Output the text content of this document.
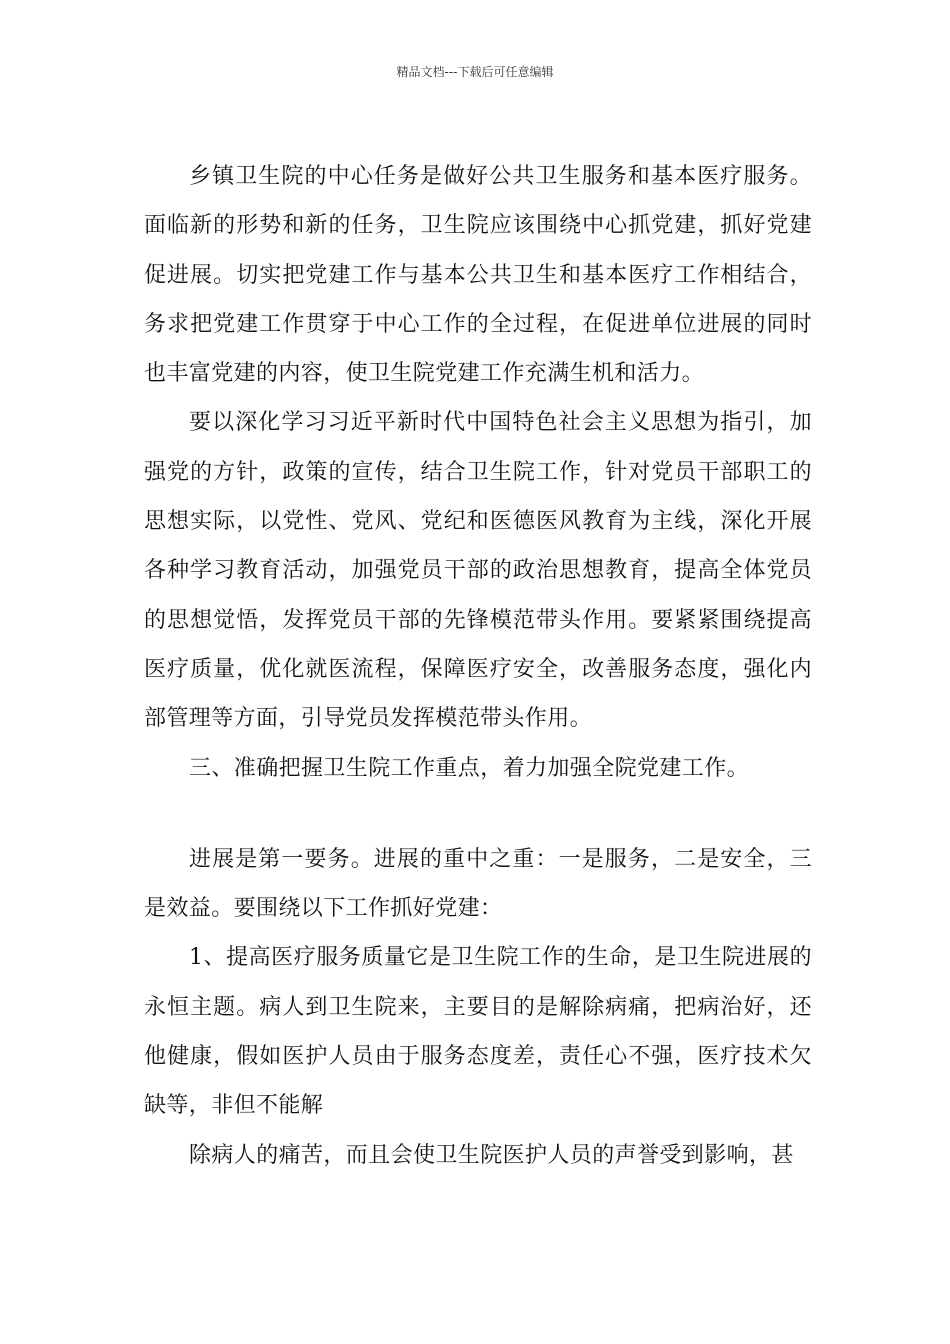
精品文档---下载后可任意编辑

乡镇卫生院的中心任务是做好公共卫生服务和基本医疗服务。面临新的形势和新的任务，卫生院应该围绕中心抓党建，抓好党建促进展。切实把党建工作与基本公共卫生和基本医疗工作相结合，务求把党建工作贯穿于中心工作的全过程，在促进单位进展的同时也丰富党建的内容，使卫生院党建工作充满生机和活力。

要以深化学习习近平新时代中国特色社会主义思想为指引，加强党的方针，政策的宣传，结合卫生院工作，针对党员干部职工的思想实际，以党性、党风、党纪和医德医风教育为主线，深化开展各种学习教育活动，加强党员干部的政治思想教育，提高全体党员的思想觉悟，发挥党员干部的先锋模范带头作用。要紧紧围绕提高医疗质量，优化就医流程，保障医疗安全，改善服务态度，强化内部管理等方面，引导党员发挥模范带头作用。

三、准确把握卫生院工作重点，着力加强全院党建工作。

进展是第一要务。进展的重中之重：一是服务，二是安全，三是效益。要围绕以下工作抓好党建：

1、提高医疗服务质量它是卫生院工作的生命，是卫生院进展的永恒主题。病人到卫生院来，主要目的是解除病痛，把病治好，还他健康，假如医护人员由于服务态度差，责任心不强，医疗技术欠缺等，非但不能解

除病人的痛苦，而且会使卫生院医护人员的声誉受到影响，甚
